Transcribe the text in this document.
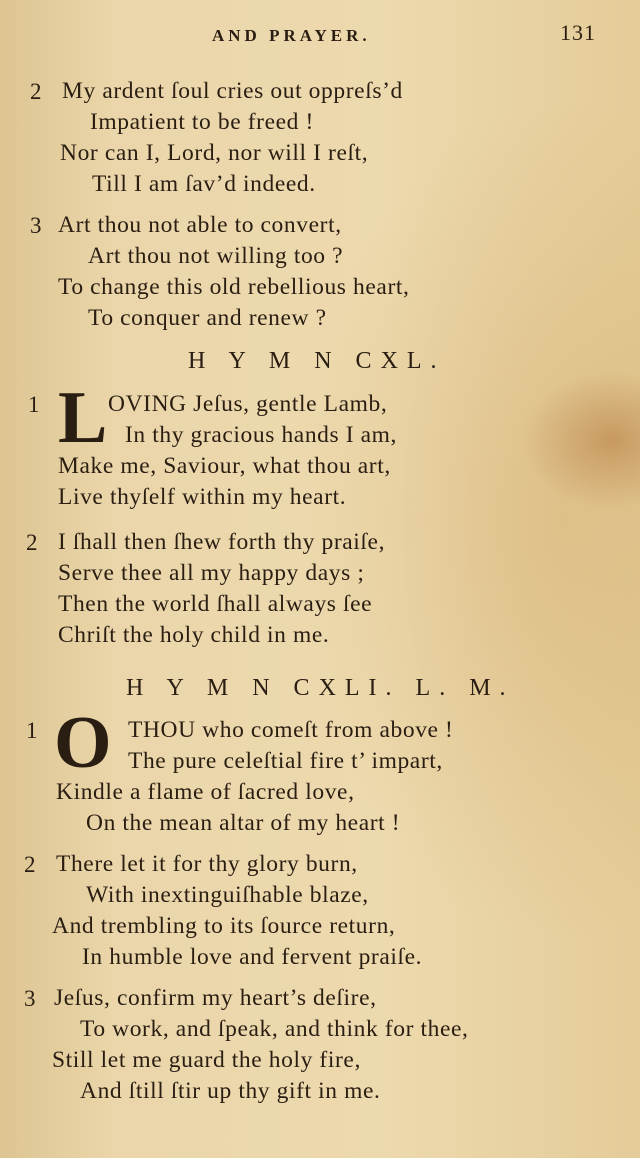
AND PRAYER.	131
2 My ardent ſoul cries out oppreſs’d
Impatient to be freed !
Nor can I, Lord, nor will I reſt,
Till I am ſav’d indeed.
3 Art thou not able to convert,
Art thou not willing too ?
To change this old rebellious heart,
To conquer and renew ?
H Y M N CXL.
1 L OVING Jeſus, gentle Lamb,
In thy gracious hands I am,
Make me, Saviour, what thou art,
Live thyſelf within my heart.
2 I ſhall then ſhew forth thy praiſe,
Serve thee all my happy days ;
Then the world ſhall always ſee
Chriſt the holy child in me.
H Y M N CXLI. L. M.
1 O THOU who comeſt from above !
The pure celeſtial fire t’ impart,
Kindle a flame of ſacred love,
On the mean altar of my heart !
2 There let it for thy glory burn,
With inextinguiſhable blaze,
And trembling to its ſource return,
In humble love and fervent praiſe.
3 Jeſus, confirm my heart’s deſire,
To work, and ſpeak, and think for thee,
Still let me guard the holy fire,
And ſtill ſtir up thy gift in me.
